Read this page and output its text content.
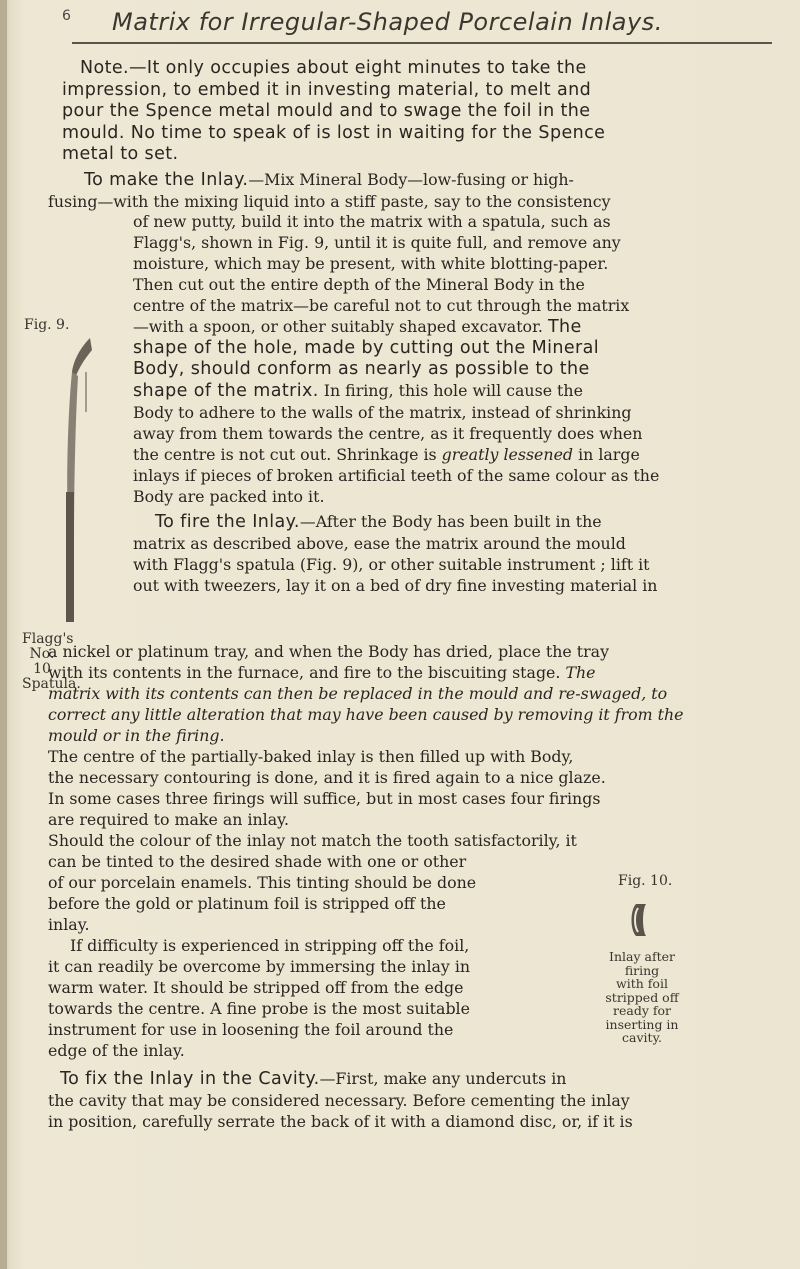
6 Matrix for Irregular-Shaped Porcelain Inlays.

Note.—It only occupies about eight minutes to take the

impression, to embed it in investing material, to melt and

pour the Spence metal mould and to swage the foil in the

mould. No time to speak of is lost in waiting for the Spence

metal to set.

To make the Inlay.—Mix Mineral Body—low-fusing or high-

fusing—with the mixing liquid into a stiff paste, say to the consistency

of new putty, build it into the matrix with a spatula, such as

Flagg's, shown in Fig. 9, until it is quite full, and remove any

moisture, which may be present, with white blotting-paper.

Then cut out the entire depth of the Mineral Body in the

centre of the matrix—be careful not to cut through the matrix

—with a spoon, or other suitably shaped excavator. The

shape of the hole, made by cutting out the Mineral

Body, should conform as nearly as possible to the

shape of the matrix. In firing, this hole will cause the

Body to adhere to the walls of the matrix, instead of shrinking

away from them towards the centre, as it frequently does when

the centre is not cut out. Shrinkage is greatly lessened in large

inlays if pieces of broken artificial teeth of the same colour as the

Body are packed into it.

To fire the Inlay.—After the Body has been built in the

matrix as described above, ease the matrix around the mould

with Flagg's spatula (Fig. 9), or other suitable instrument ; lift it

out with tweezers, lay it on a bed of dry fine investing material in

Fig. 9.
Flagg's
No. 10
Spatula.

a nickel or platinum tray, and when the Body has dried, place the tray

with its contents in the furnace, and fire to the biscuiting stage. The

matrix with its contents can then be replaced in the mould and re-swaged, to

correct any little alteration that may have been caused by removing it from the

mould or in the firing.

The centre of the partially-baked inlay is then filled up with Body,

the necessary contouring is done, and it is fired again to a nice glaze.

In some cases three firings will suffice, but in most cases four firings

are required to make an inlay.

Should the colour of the inlay not match the tooth satisfactorily, it

can be tinted to the desired shade with one or other

of our porcelain enamels. This tinting should be done

before the gold or platinum foil is stripped off the

inlay.

If difficulty is experienced in stripping off the foil,

it can readily be overcome by immersing the inlay in

warm water. It should be stripped off from the edge

towards the centre. A fine probe is the most suitable

instrument for use in loosening the foil around the

edge of the inlay.

Fig. 10.
Inlay after firing
with foil stripped off
ready for inserting in
cavity.

To fix the Inlay in the Cavity.—First, make any undercuts in

the cavity that may be considered necessary. Before cementing the inlay

in position, carefully serrate the back of it with a diamond disc, or, if it is
